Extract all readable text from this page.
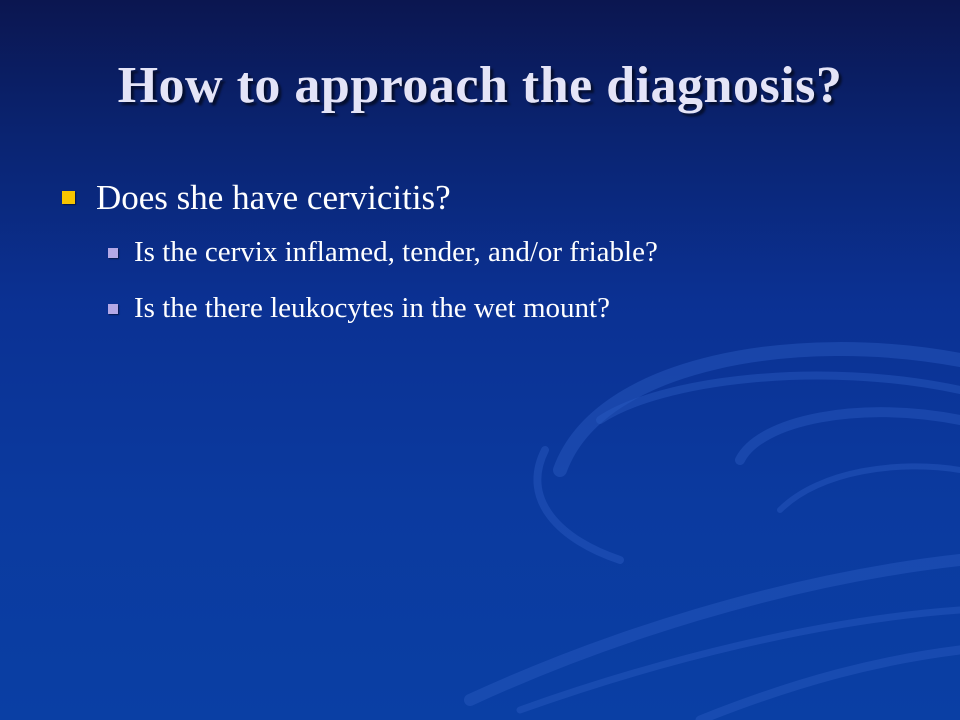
How to approach the diagnosis?
Does she have cervicitis?
Is the cervix inflamed, tender, and/or friable?
Is the there leukocytes in the wet mount?
